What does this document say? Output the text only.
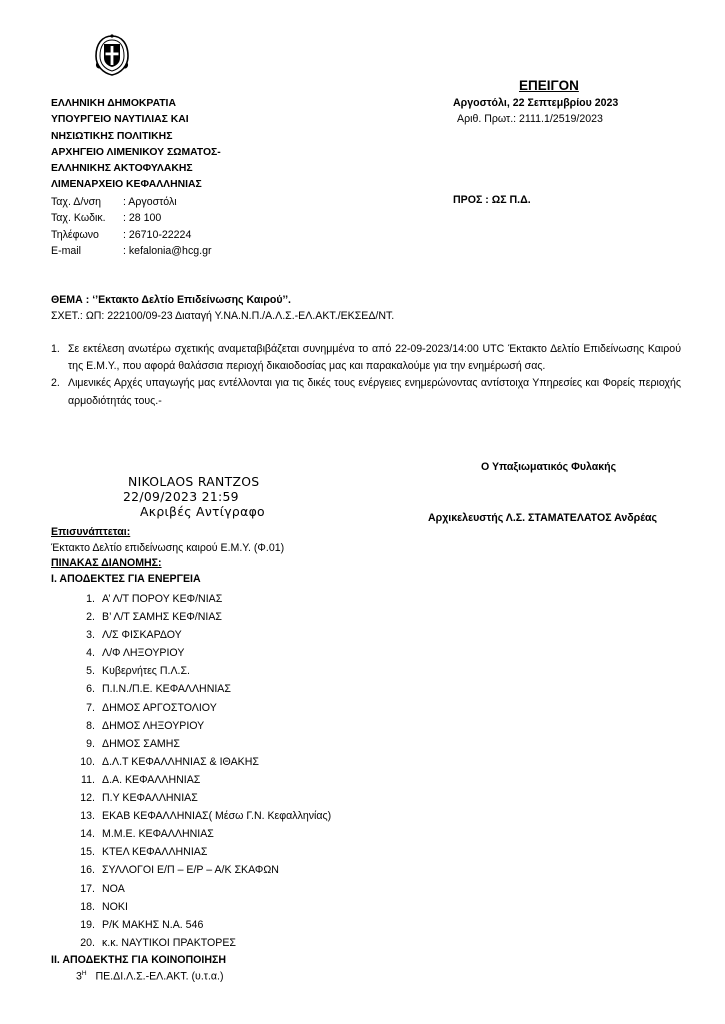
ΕΛΛΗΝΙΚΗ ΔΗΜΟΚΡΑΤΙΑ
ΥΠΟΥΡΓΕΙΟ ΝΑΥΤΙΛΙΑΣ ΚΑΙ
ΝΗΣΙΩΤΙΚΗΣ ΠΟΛΙΤΙΚΗΣ
ΑΡΧΗΓΕΙΟ ΛΙΜΕΝΙΚΟΥ ΣΩΜΑΤΟΣ-
ΕΛΛΗΝΙΚΗΣ ΑΚΤΟΦΥΛΑΚΗΣ
ΛΙΜΕΝΑΡΧΕΙΟ ΚΕΦΑΛΛΗΝΙΑΣ
Ταχ. Δ/νση	: Αργοστόλι
Ταχ. Κωδικ.	: 28 100
Τηλέφωνο	: 26710-22224
E-mail	: kefalonia@hcg.gr
ΕΠΕΙΓΟΝ
Αργοστόλι, 22 Σεπτεμβρίου 2023
Αριθ. Πρωτ.: 2111.1/2519/2023
ΠΡΟΣ : ΩΣ Π.Δ.
ΘΕΜΑ : ‘’Εκτακτο Δελτίο Επιδείνωσης Καιρού’’.
ΣΧΕΤ.: ΩΠ: 222100/09-23 Διαταγή Υ.ΝΑ.Ν.Π./Α.Λ.Σ.-ΕΛ.ΑΚΤ./ΕΚΣΕΔ/ΝΤ.
1. Σε εκτέλεση ανωτέρω σχετικής αναμεταβιβάζεται συνημμένα το από 22-09-2023/14:00 UTC Έκτακτο Δελτίο Επιδείνωσης Καιρού της Ε.Μ.Υ., που αφορά θαλάσσια περιοχή δικαιοδοσίας μας και παρακαλούμε για την ενημέρωσή σας.
2. Λιμενικές Αρχές υπαγωγής μας εντέλλονται για τις δικές τους ενέργειες ενημερώνοντας αντίστοιχα Υπηρεσίες και Φορείς περιοχής αρμοδιότητάς τους.-
Ο Υπαξιωματικός Φυλακής
Αρχικελευστής Λ.Σ. ΣΤΑΜΑΤΕΛΑΤΟΣ Ανδρέας
NIKOLAOS RANTZOS
22/09/2023 21:59
Ακριβές Αντίγραφο
Επισυνάπτεται:
Έκτακτο Δελτίο επιδείνωσης καιρού Ε.Μ.Υ. (Φ.01)
ΠΙΝΑΚΑΣ ΔΙΑΝΟΜΗΣ:
Ι. ΑΠΟΔΕΚΤΕΣ ΓΙΑ ΕΝΕΡΓΕΙΑ
1. Α’ Λ/Τ ΠΟΡΟΥ ΚΕΦ/ΝΙΑΣ
2. Β’ Λ/Τ ΣΑΜΗΣ ΚΕΦ/ΝΙΑΣ
3. Λ/Σ ΦΙΣΚΑΡΔΟΥ
4. Λ/Φ ΛΗΞΟΥΡΙΟΥ
5. Κυβερνήτες Π.Λ.Σ.
6. Π.Ι.Ν./Π.Ε. ΚΕΦΑΛΛΗΝΙΑΣ
7. ΔΗΜΟΣ ΑΡΓΟΣΤΟΛΙΟΥ
8. ΔΗΜΟΣ ΛΗΞΟΥΡΙΟΥ
9. ΔΗΜΟΣ ΣΑΜΗΣ
10. Δ.Λ.Τ ΚΕΦΑΛΛΗΝΙΑΣ & ΙΘΑΚΗΣ
11. Δ.Α. ΚΕΦΑΛΛΗΝΙΑΣ
12. Π.Υ ΚΕΦΑΛΛΗΝΙΑΣ
13. ΕΚΑΒ ΚΕΦΑΛΛΗΝΙΑΣ( Μέσω Γ.Ν. Κεφαλληνίας)
14. Μ.Μ.Ε. ΚΕΦΑΛΛΗΝΙΑΣ
15. ΚΤΕΛ ΚΕΦΑΛΛΗΝΙΑΣ
16. ΣΥΛΛΟΓΟΙ Ε/Π – Ε/Ρ – Α/Κ ΣΚΑΦΩΝ
17. ΝΟΑ
18. ΝΟΚΙ
19. Ρ/Κ ΜΑΚΗΣ Ν.Α. 546
20. κ.κ. ΝΑΥΤΙΚΟΙ ΠΡΑΚΤΟΡΕΣ
ΙΙ. ΑΠΟΔΕΚΤΗΣ ΓΙΑ ΚΟΙΝΟΠΟΙΗΣΗ
$3^H$ ΠΕ.ΔΙ.Λ.Σ.-ΕΛ.ΑΚΤ. (υ.τ.α.)
